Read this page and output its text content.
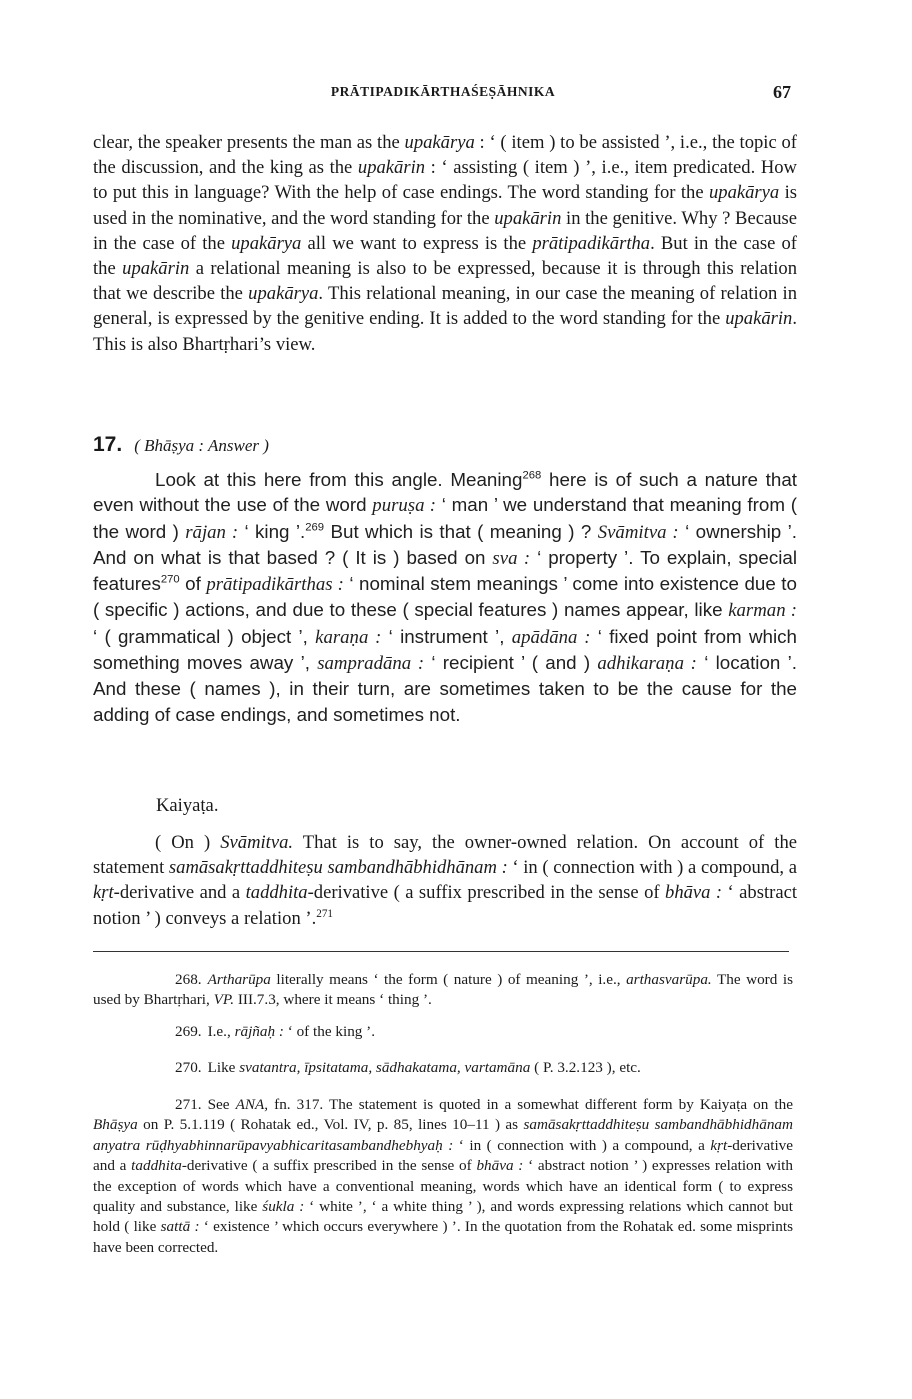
PRĀTIPADIKĀRTHAŚEṢĀHNIKA	67

clear, the speaker presents the man as the upakārya : ‘ ( item ) to be assisted ’, i.e., the topic of the discussion, and the king as the upakārin : ‘ assisting ( item ) ’, i.e., item predicated. How to put this in language? With the help of case endings. The word standing for the upakārya is used in the nominative, and the word standing for the upakārin in the genitive. Why ? Because in the case of the upakārya all we want to express is the prātipadikārtha. But in the case of the upakārin a relational meaning is also to be expressed, because it is through this relation that we describe the upakārya. This relational meaning, in our case the meaning of relation in general, is expressed by the genitive ending. It is added to the word standing for the upakārin. This is also Bhartṛhari’s view.

17. ( Bhāṣya : Answer )

Look at this here from this angle. Meaning$^{268}$ here is of such a nature that even without the use of the word puruṣa : ‘ man ’ we understand that meaning from ( the word ) rājan : ‘ king ’.$^{269}$ But which is that ( meaning ) ? Svāmitva : ‘ ownership ’. And on what is that based ? ( It is ) based on sva : ‘ property ’. To explain, special features$^{270}$ of prātipadikārthas : ‘ nominal stem meanings ’ come into existence due to ( specific ) actions, and due to these ( special features ) names appear, like karman : ‘ ( grammatical ) object ’, karaṇa : ‘ instrument ’, apādāna : ‘ fixed point from which something moves away ’, sampradāna : ‘ recipient ’ ( and ) adhikaraṇa : ‘ location ’. And these ( names ), in their turn, are sometimes taken to be the cause for the adding of case endings, and sometimes not.

Kaiyaṭa.

( On ) Svāmitva. That is to say, the owner-owned relation. On account of the statement samāsakṛttaddhiteṣu sambandhābhidhānam : ‘ in ( connection with ) a compound, a kṛt-derivative and a taddhita-derivative ( a suffix prescribed in the sense of bhāva : ‘ abstract notion ’ ) conveys a relation ’.$^{271}$

268. Artharūpa literally means ‘ the form ( nature ) of meaning ’, i.e., arthasvarūpa. The word is used by Bhartṛhari, VP. III.7.3, where it means ‘ thing ’.

269. I.e., rājñaḥ : ‘ of the king ’.

270. Like svatantra, īpsitatama, sādhakatama, vartamāna ( P. 3.2.123 ), etc.

271. See ANA, fn. 317. The statement is quoted in a somewhat different form by Kaiyaṭa on the Bhāṣya on P. 5.1.119 ( Rohatak ed., Vol. IV, p. 85, lines 10–11 ) as samāsakṛttaddhiteṣu sambandhābhidhānam anyatra rūḍhyabhinnarūpavyabhicaritasambandhebhyaḥ : ‘ in ( connection with ) a compound, a kṛt-derivative and a taddhita-derivative ( a suffix prescribed in the sense of bhāva : ‘ abstract notion ’ ) expresses relation with the exception of words which have a conventional meaning, words which have an identical form ( to express quality and substance, like śukla : ‘ white ’, ‘ a white thing ’ ), and words expressing relations which cannot but hold ( like sattā : ‘ existence ’ which occurs everywhere ) ’. In the quotation from the Rohatak ed. some misprints have been corrected.
